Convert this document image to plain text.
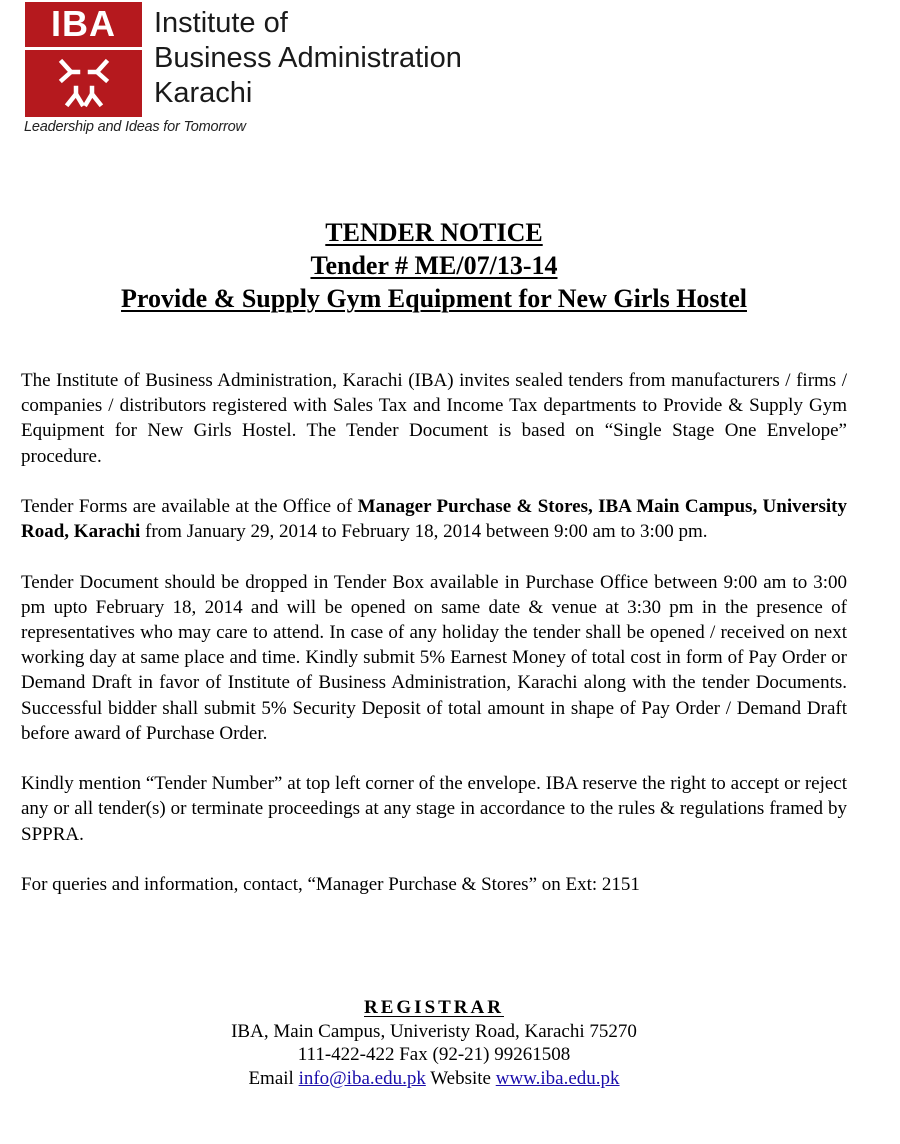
IBA	Institute of
Business Administration
Karachi
Leadership and Ideas for Tomorrow
TENDER NOTICE
Tender # ME/07/13-14
Provide & Supply Gym Equipment for New Girls Hostel

The Institute of Business Administration, Karachi (IBA) invites sealed tenders from manufacturers / firms / companies / distributors registered with Sales Tax and Income Tax departments to Provide & Supply Gym Equipment for New Girls Hostel. The Tender Document is based on “Single Stage One Envelope” procedure.

Tender Forms are available at the Office of Manager Purchase & Stores, IBA Main Campus, University Road, Karachi from January 29, 2014 to February 18, 2014 between 9:00 am to 3:00 pm.

Tender Document should be dropped in Tender Box available in Purchase Office between 9:00 am to 3:00 pm upto February 18, 2014 and will be opened on same date & venue at 3:30 pm in the presence of representatives who may care to attend. In case of any holiday the tender shall be opened / received on next working day at same place and time. Kindly submit 5% Earnest Money of total cost in form of Pay Order or Demand Draft in favor of Institute of Business Administration, Karachi along with the tender Documents. Successful bidder shall submit 5% Security Deposit of total amount in shape of Pay Order / Demand Draft before award of Purchase Order.

Kindly mention “Tender Number” at top left corner of the envelope. IBA reserve the right to accept or reject any or all tender(s) or terminate proceedings at any stage in accordance to the rules & regulations framed by SPPRA.

For queries and information, contact, “Manager Purchase & Stores” on Ext: 2151

REGISTRAR
IBA, Main Campus, Univeristy Road, Karachi 75270
111-422-422 Fax (92-21) 99261508
Email info@iba.edu.pk Website www.iba.edu.pk
